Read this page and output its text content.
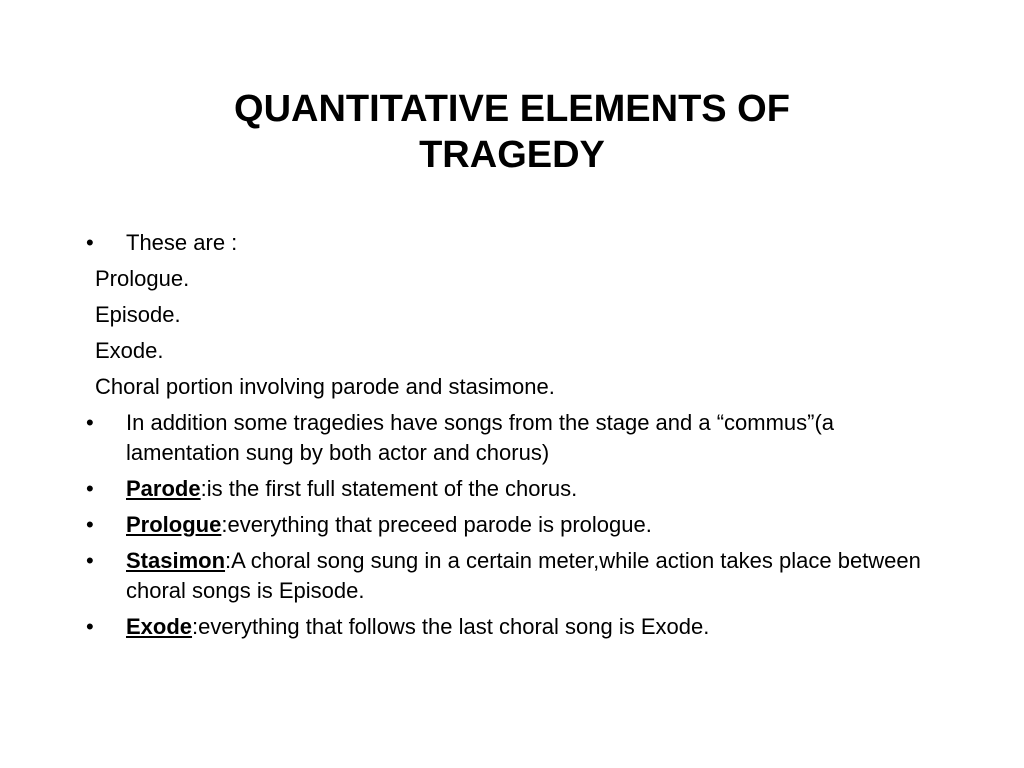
QUANTITATIVE ELEMENTS OF
TRAGEDY
•	These are :
Prologue.
Episode.
Exode.
Choral portion involving parode and stasimone.
•	In addition some tragedies have songs from the stage and a “commus”(a lamentation sung by both actor and chorus)
•	Parode:is the first full statement of the chorus.
•	Prologue:everything that preceed parode is prologue.
•	Stasimon:A choral song sung in a certain meter,while action takes place between choral songs is Episode.
•	Exode:everything that follows the last choral song is Exode.
